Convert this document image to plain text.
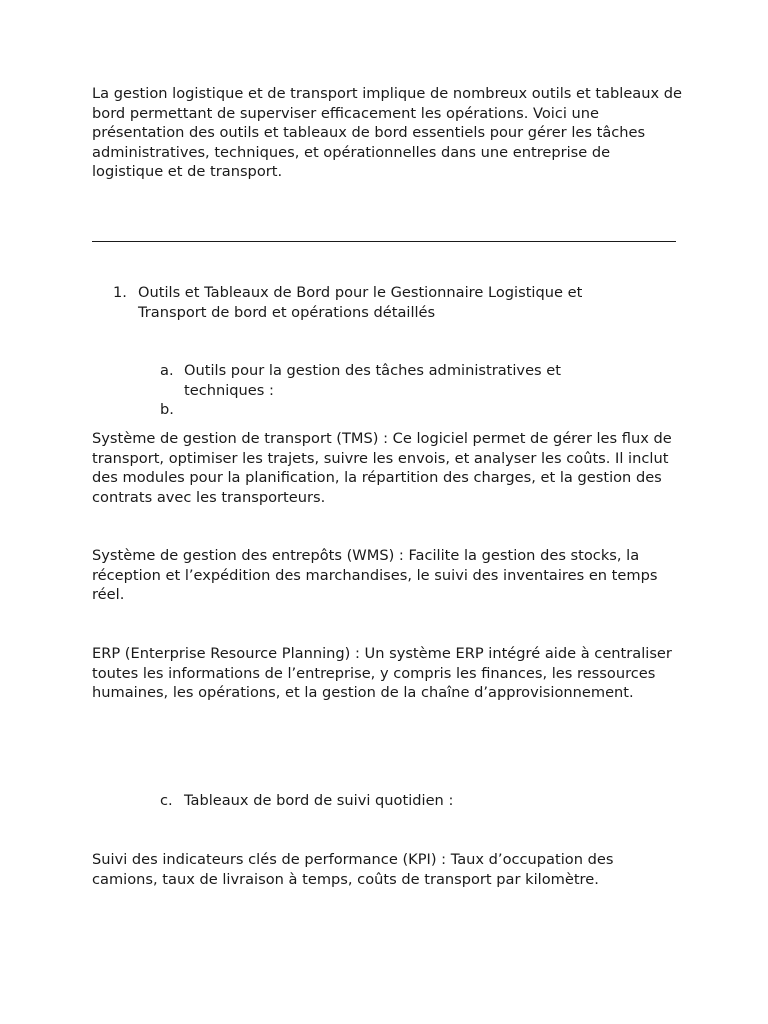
La gestion logistique et de transport implique de nombreux outils et tableaux de bord permettant de superviser efficacement les opérations. Voici une présentation des outils et tableaux de bord essentiels pour gérer les tâches administratives, techniques, et opérationnelles dans une entreprise de logistique et de transport.

1. Outils et Tableaux de Bord pour le Gestionnaire Logistique et Transport de bord et opérations détaillés
a. Outils pour la gestion des tâches administratives et techniques :
b.

Système de gestion de transport (TMS) : Ce logiciel permet de gérer les flux de transport, optimiser les trajets, suivre les envois, et analyser les coûts. Il inclut des modules pour la planification, la répartition des charges, et la gestion des contrats avec les transporteurs.

Système de gestion des entrepôts (WMS) : Facilite la gestion des stocks, la réception et l’expédition des marchandises, le suivi des inventaires en temps réel.

ERP (Enterprise Resource Planning) : Un système ERP intégré aide à centraliser toutes les informations de l’entreprise, y compris les finances, les ressources humaines, les opérations, et la gestion de la chaîne d’approvisionnement.

c. Tableaux de bord de suivi quotidien :

Suivi des indicateurs clés de performance (KPI) : Taux d’occupation des camions, taux de livraison à temps, coûts de transport par kilomètre.
